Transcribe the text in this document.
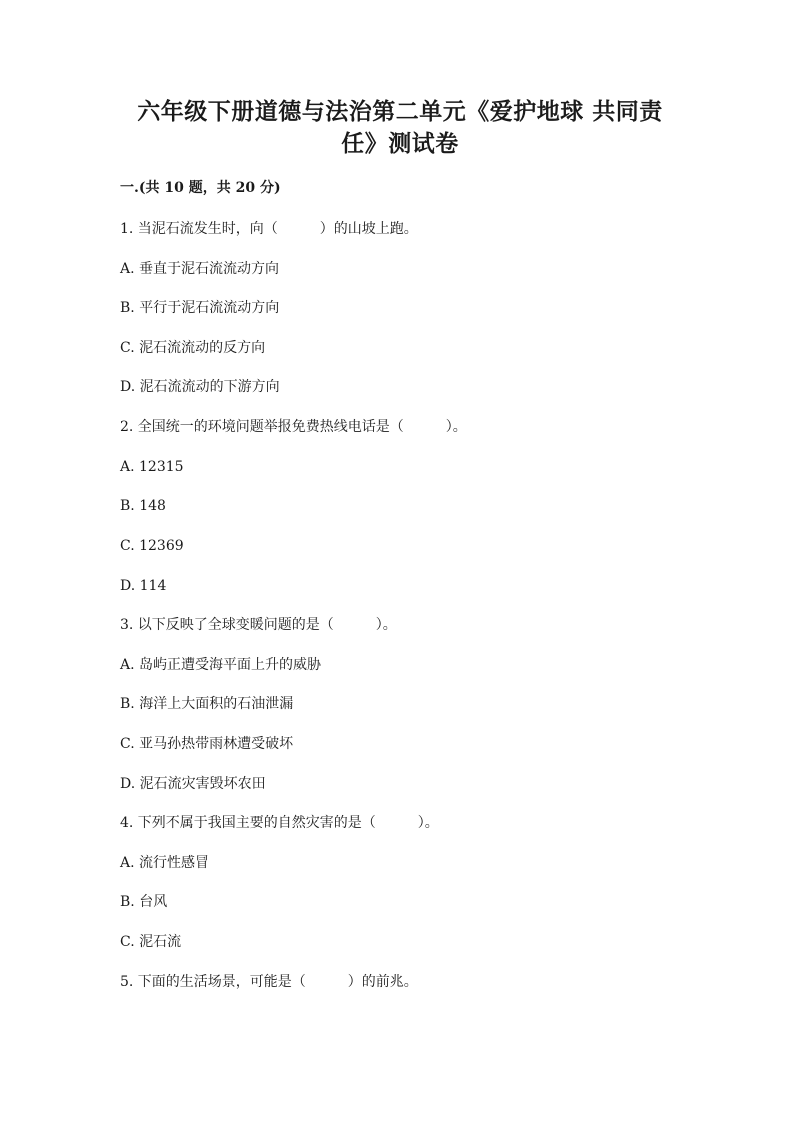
六年级下册道德与法治第二单元《爱护地球 共同责
任》测试卷

一.(共 10 题，共 20 分)

1. 当泥石流发生时，向（　　　）的山坡上跑。

A. 垂直于泥石流流动方向

B. 平行于泥石流流动方向

C. 泥石流流动的反方向

D. 泥石流流动的下游方向

2. 全国统一的环境问题举报免费热线电话是（　　　）。

A. 12315

B. 148

C. 12369

D. 114

3. 以下反映了全球变暖问题的是（　　　）。

A. 岛屿正遭受海平面上升的威胁

B. 海洋上大面积的石油泄漏

C. 亚马孙热带雨林遭受破坏

D. 泥石流灾害毁坏农田

4. 下列不属于我国主要的自然灾害的是（　　　）。

A. 流行性感冒

B. 台风

C. 泥石流

5. 下面的生活场景，可能是（　　　）的前兆。
